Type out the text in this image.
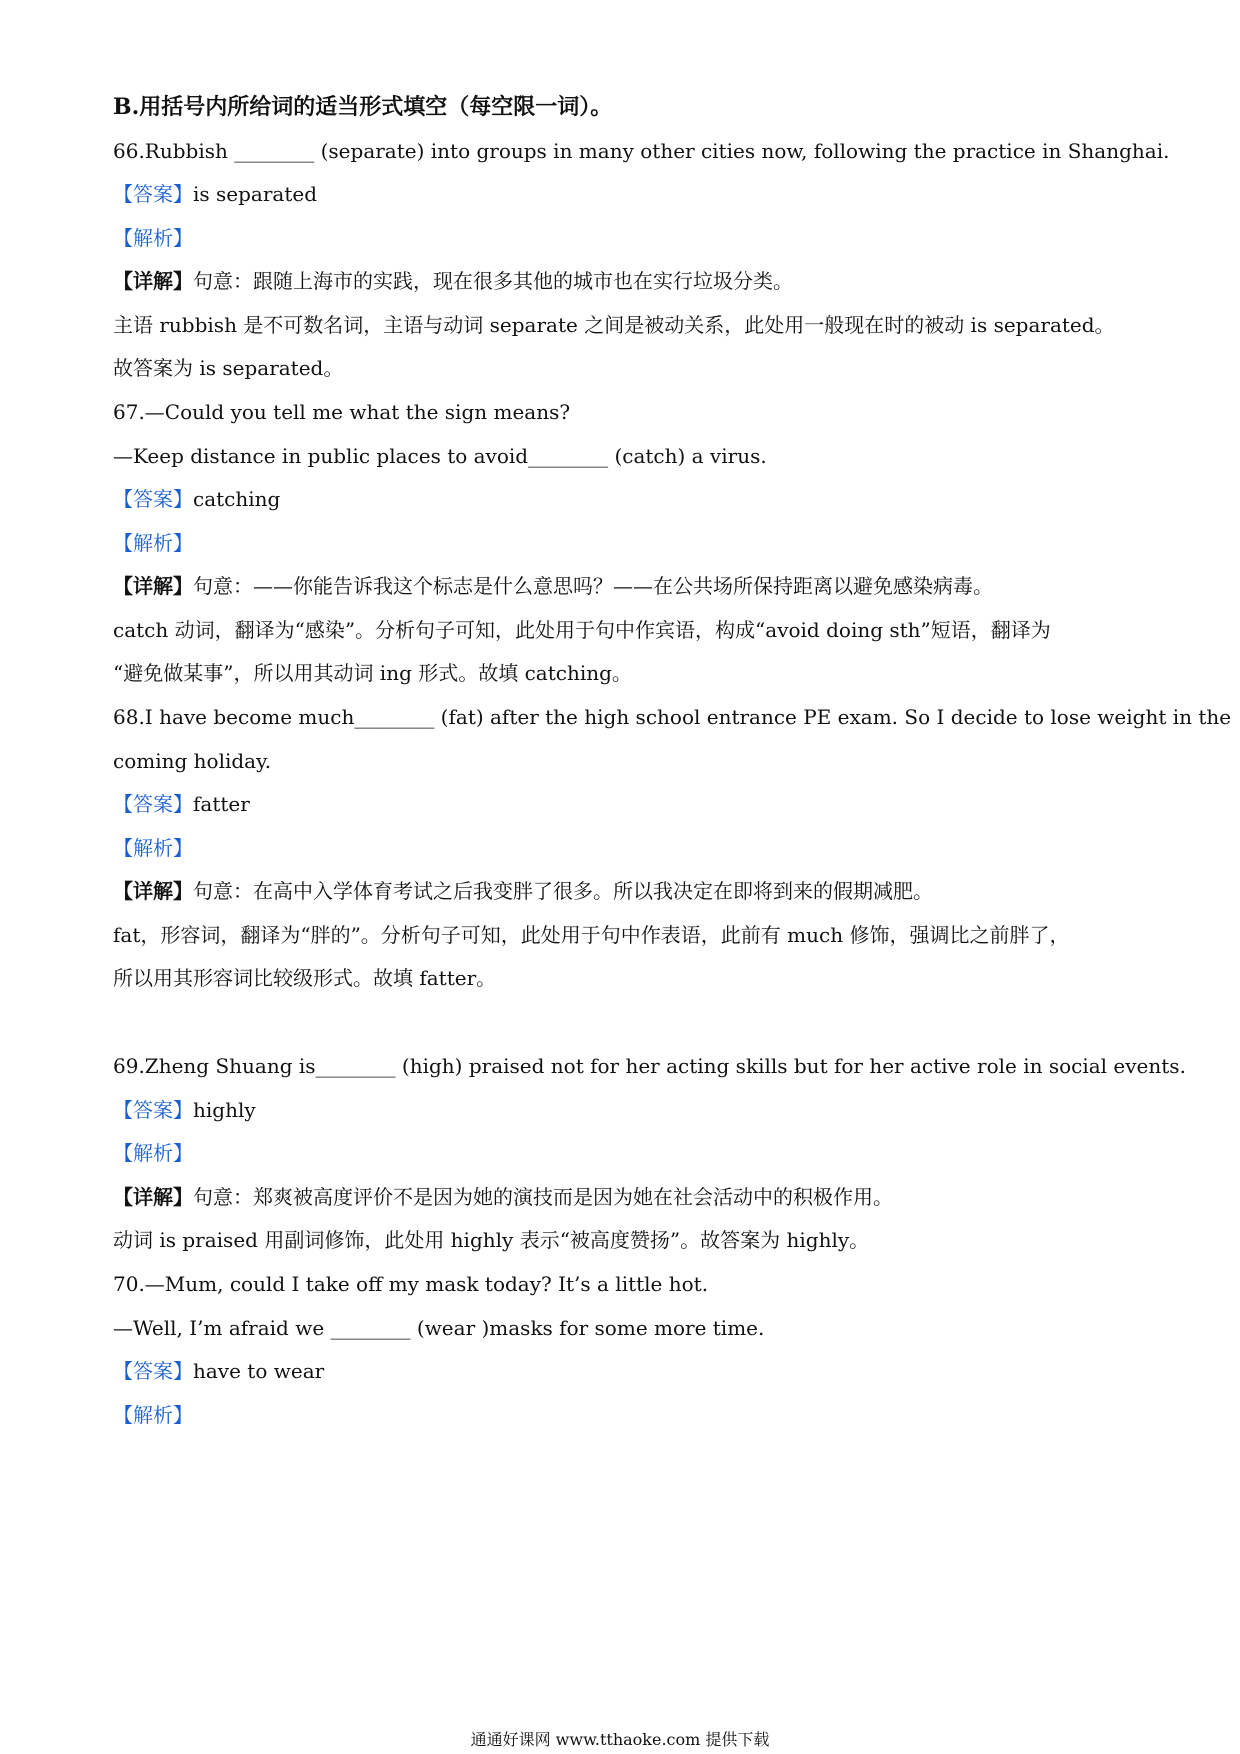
B.用括号内所给词的适当形式填空（每空限一词）。
66.Rubbish ________ (separate) into groups in many other cities now, following the practice in Shanghai.
【答案】is separated
【解析】
【详解】句意：跟随上海市的实践，现在很多其他的城市也在实行垃圾分类。
主语 rubbish 是不可数名词，主语与动词 separate 之间是被动关系，此处用一般现在时的被动 is separated。
故答案为 is separated。
67.—Could you tell me what the sign means?
—Keep distance in public places to avoid________ (catch) a virus.
【答案】catching
【解析】
【详解】句意：——你能告诉我这个标志是什么意思吗？——在公共场所保持距离以避免感染病毒。
catch 动词，翻译为“感染”。分析句子可知，此处用于句中作宾语，构成“avoid doing sth”短语，翻译为
“避免做某事”，所以用其动词 ing 形式。故填 catching。
68.I have become much________ (fat) after the high school entrance PE exam. So I decide to lose weight in the
coming holiday.
【答案】fatter
【解析】
【详解】句意：在高中入学体育考试之后我变胖了很多。所以我决定在即将到来的假期减肥。
fat，形容词，翻译为“胖的”。分析句子可知，此处用于句中作表语，此前有 much 修饰，强调比之前胖了，
所以用其形容词比较级形式。故填 fatter。
69.Zheng Shuang is________ (high) praised not for her acting skills but for her active role in social events.
【答案】highly
【解析】
【详解】句意：郑爽被高度评价不是因为她的演技而是因为她在社会活动中的积极作用。
动词 is praised 用副词修饰，此处用 highly 表示“被高度赞扬”。故答案为 highly。
70.—Mum, could I take off my mask today? It’s a little hot.
—Well, I’m afraid we ________ (wear )masks for some more time.
【答案】have to wear
【解析】
通通好课网 www.tthaoke.com 提供下载
